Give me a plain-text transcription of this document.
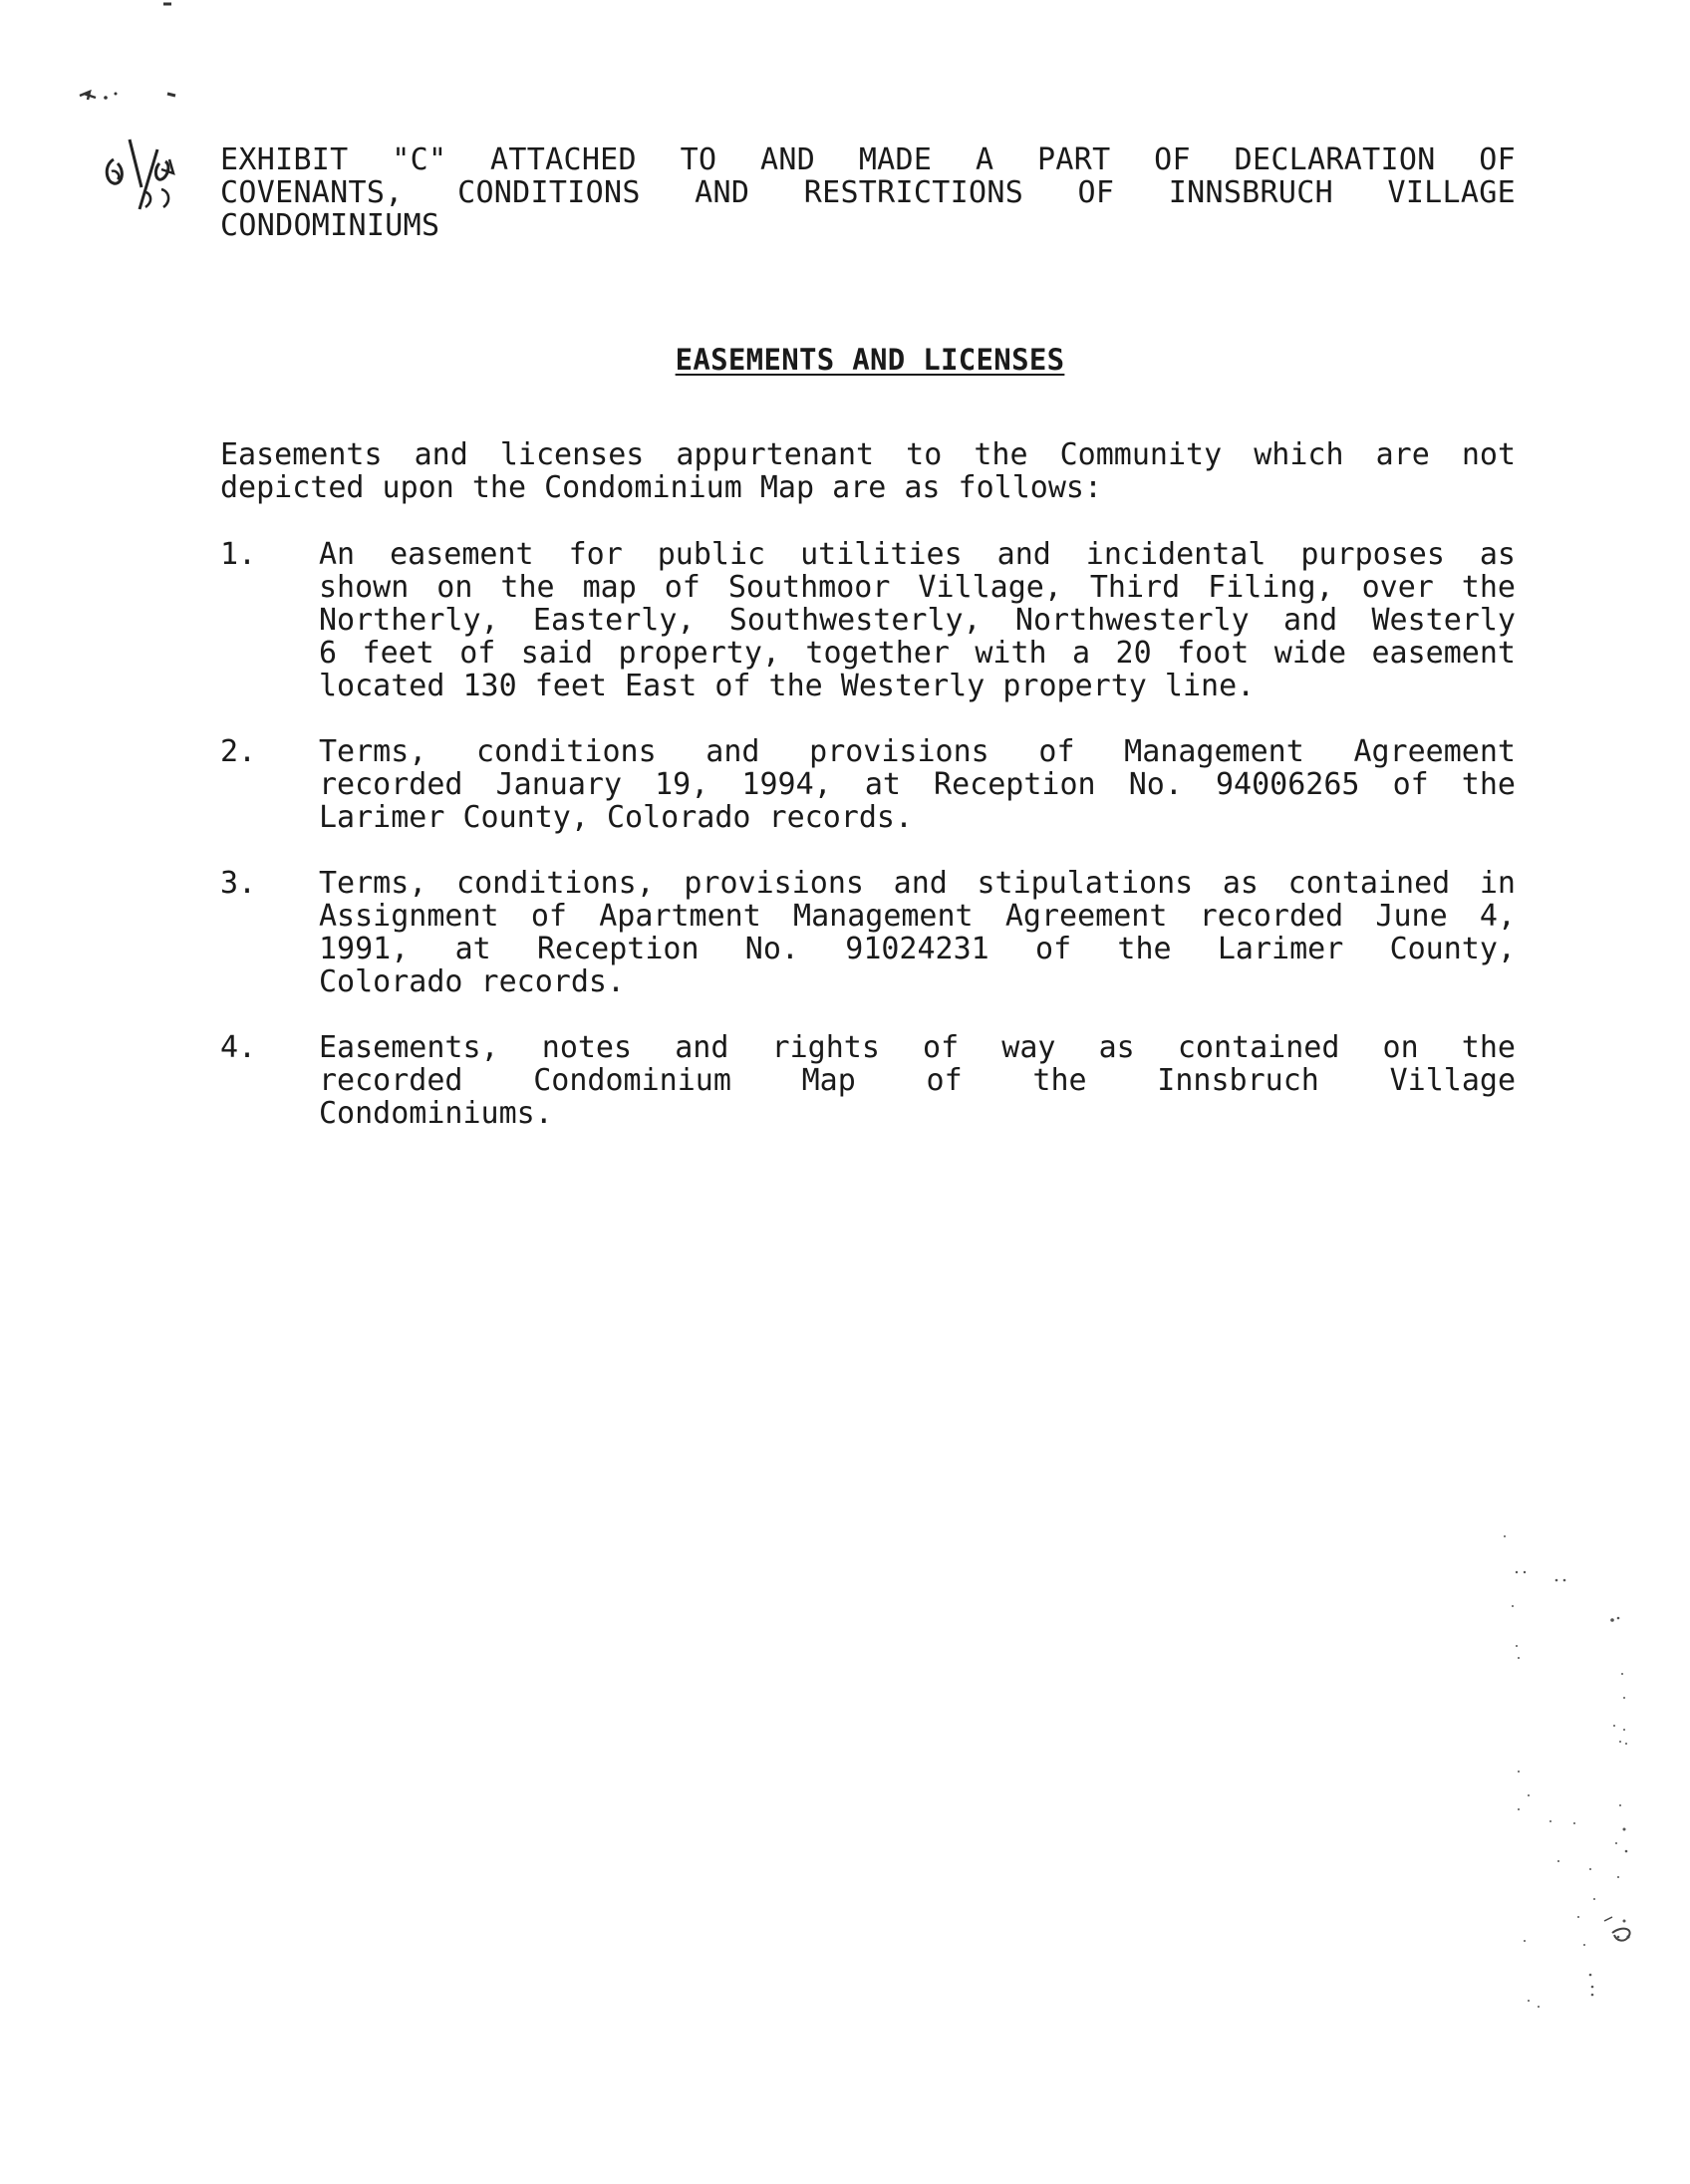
EXHIBIT "C" ATTACHED TO AND MADE A PART OF DECLARATION OF
COVENANTS, CONDITIONS AND RESTRICTIONS OF INNSBRUCH VILLAGE
CONDOMINIUMS
EASEMENTS AND LICENSES
Easements and licenses appurtenant to the Community which are not
depicted upon the Condominium Map are as follows:
1.	An easement for public utilities and incidental purposes as
shown on the map of Southmoor Village, Third Filing, over the
Northerly, Easterly, Southwesterly, Northwesterly and Westerly
6 feet of said property, together with a 20 foot wide easement
located 130 feet East of the Westerly property line.
2.	Terms, conditions and provisions of Management Agreement
recorded January 19, 1994, at Reception No. 94006265 of the
Larimer County, Colorado records.
3.	Terms, conditions, provisions and stipulations as contained in
Assignment of Apartment Management Agreement recorded June 4,
1991, at Reception No. 91024231 of the Larimer County,
Colorado records.
4.	Easements, notes and rights of way as contained on the
recorded Condominium Map of the Innsbruch Village
Condominiums.
